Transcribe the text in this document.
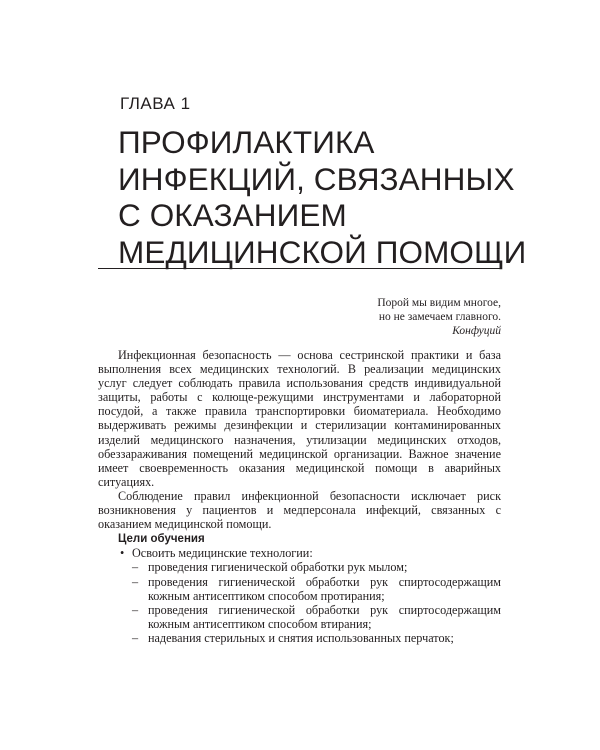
ГЛАВА 1
ПРОФИЛАКТИКА
ИНФЕКЦИЙ, СВЯЗАННЫХ
С ОКАЗАНИЕМ
МЕДИЦИНСКОЙ ПОМОЩИ
Порой мы видим многое,
но не замечаем главного.
Конфуций

Инфекционная безопасность — основа сестринской практики и база выполнения всех медицинских технологий. В реализации медицинских услуг следует соблюдать правила использования средств индивидуальной защиты, работы с колюще-режущими инструментами и лабораторной посудой, а также правила транспортировки биоматериала. Необходимо выдерживать режимы дезинфекции и стерилизации контаминированных изделий медицинского назначения, утилизации медицинских отходов, обеззараживания помещений медицинской организации. Важное значение имеет своевременность оказания медицинской помощи в аварийных ситуациях.

Соблюдение правил инфекционной безопасности исключает риск возникновения у пациентов и медперсонала инфекций, связанных с оказанием медицинской помощи.

Цели обучения
• Освоить медицинские технологии:
– проведения гигиенической обработки рук мылом;
– проведения гигиенической обработки рук спиртосодержащим кожным антисептиком способом протирания;
– проведения гигиенической обработки рук спиртосодержащим кожным антисептиком способом втирания;
– надевания стерильных и снятия использованных перчаток;
